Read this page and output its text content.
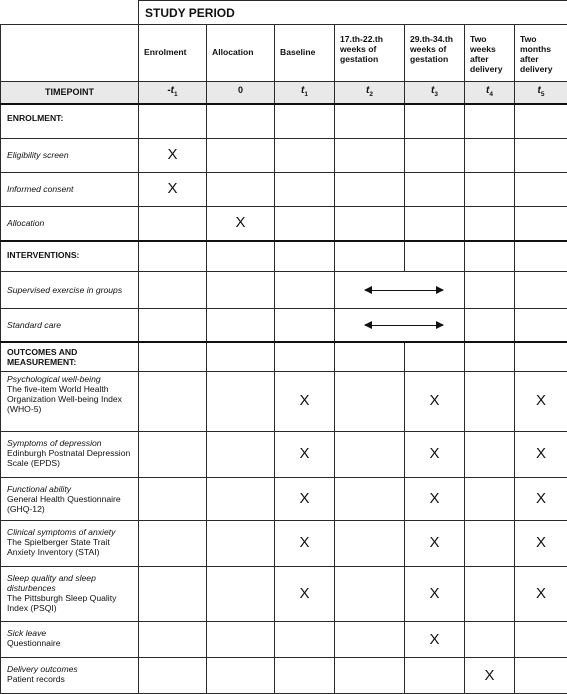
	STUDY PERIOD						
	Enrolment	Allocation	Baseline	17.th-22.th weeks of gestation	29.th-34.th weeks of gestation	Two weeks after delivery	Two months after delivery
TIMEPOINT	$-t_1$	0	$t_1$	$t_2$	$t_3$	$t_4$	$t_5$
ENROLMENT:							

Eligibility screen	X						

Informed consent	X						

Allocation		X					
INTERVENTIONS:							

Supervised exercise in groups							

Standard care							

OUTCOMES AND MEASUREMENT:							

Psychological well-being
The five-item World Health Organization Well-being Index (WHO-5)			X		X		X

Symptoms of depression
Edinburgh Postnatal Depression Scale (EPDS)			X		X		X

Functional ability
General Health Questionnaire (GHQ-12)			X		X		X

Clinical symptoms of anxiety
The Spielberger State Trait Anxiety Inventory (STAI)			X		X		X

Sleep quality and sleep disturbences
The Pittsburgh Sleep Quality Index (PSQI)			X		X		X

Sick leave
Questionnaire					X		

Delivery outcomes
Patient records						X	
